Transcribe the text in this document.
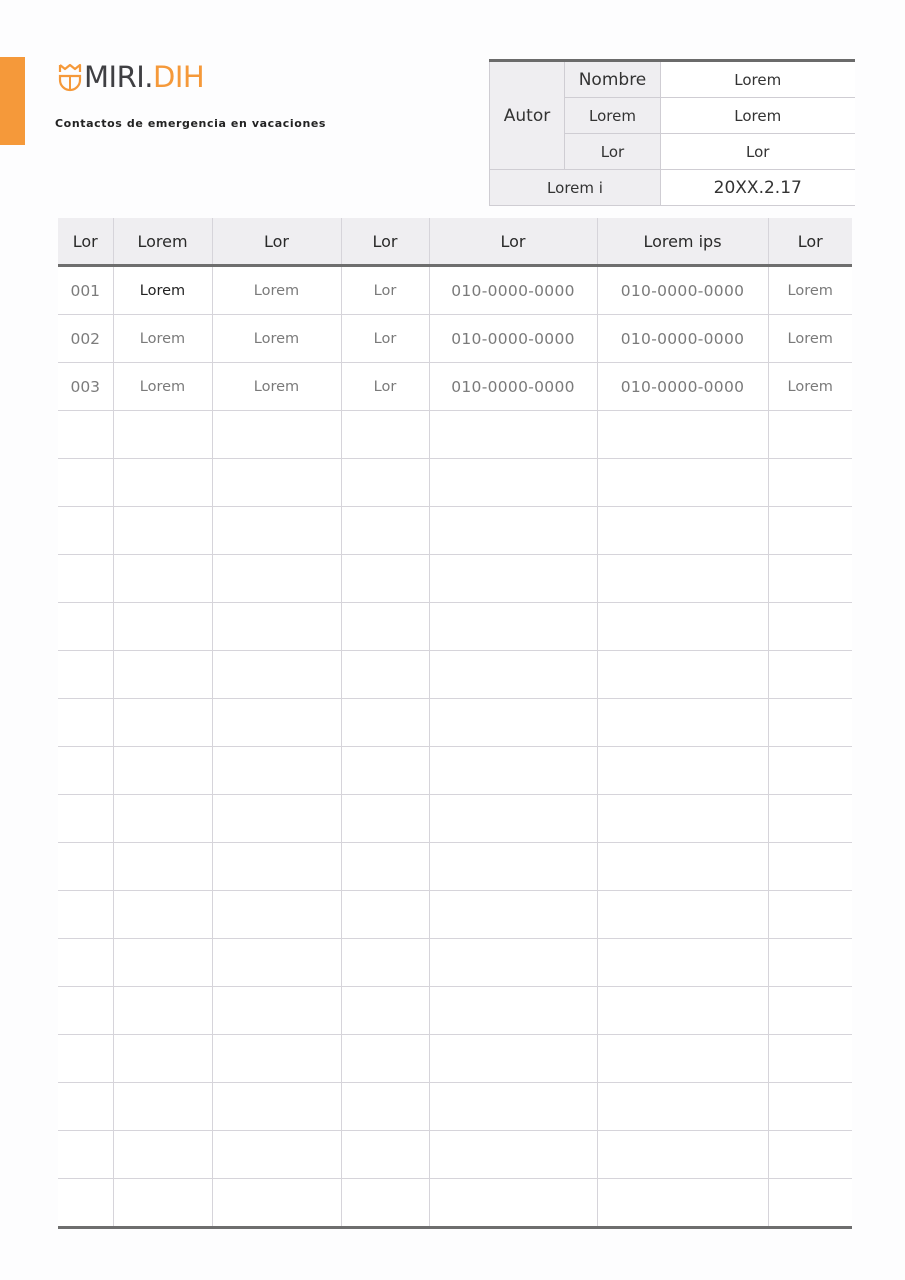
MIRI.DIH
Contactos de emergencia en vacaciones	Autor	Nombre	Lorem
	Lorem	Lorem
	Lor	Lor
Lorem i		20XX.2.17
Lor	Lorem	Lor	Lor	Lor	Lorem ips	Lor
001	Lorem	Lorem	Lor	010-0000-0000	010-0000-0000	Lorem
002	Lorem	Lorem	Lor	010-0000-0000	010-0000-0000	Lorem
003	Lorem	Lorem	Lor	010-0000-0000	010-0000-0000	Lorem
